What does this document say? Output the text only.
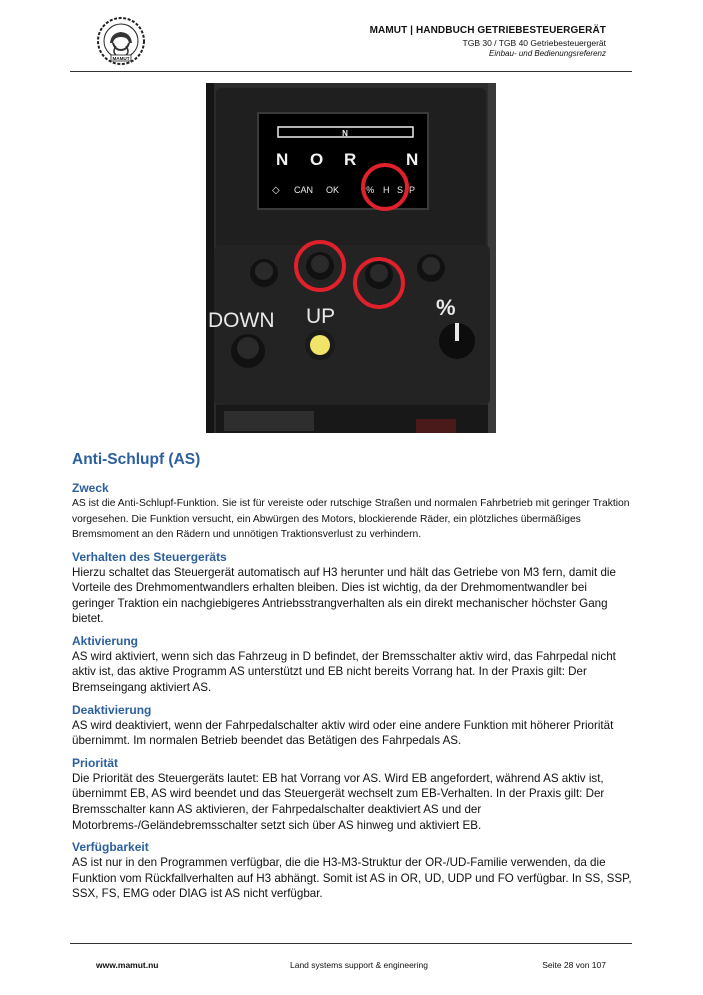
MAMUT
MAMUT | HANDBUCH GETRIEBESTEUERGERÄT
TGB 30 / TGB 40 Getriebesteuergerät
Einbau- und Bedienungsreferenz
N
N O R	N
◇ CAN OK <% H S P
DOWN UP	%
Anti-Schlupf (AS)
Zweck

AS ist die Anti-Schlupf-Funktion. Sie ist für vereiste oder rutschige Straßen und normalen Fahrbetrieb mit geringer Traktion vorgesehen. Die Funktion versucht, ein Abwürgen des Motors, blockierende Räder, ein plötzliches übermäßiges Bremsmoment an den Rädern und unnötigen Traktionsverlust zu verhindern.

Verhalten des Steuergeräts

Hierzu schaltet das Steuergerät automatisch auf H3 herunter und hält das Getriebe von M3 fern, damit die Vorteile des Drehmomentwandlers erhalten bleiben. Dies ist wichtig, da der Drehmomentwandler bei geringer Traktion ein nachgiebigeres Antriebsstrangverhalten als ein direkt mechanischer höchster Gang bietet.

Aktivierung

AS wird aktiviert, wenn sich das Fahrzeug in D befindet, der Bremsschalter aktiv wird, das Fahrpedal nicht aktiv ist, das aktive Programm AS unterstützt und EB nicht bereits Vorrang hat. In der Praxis gilt: Der Bremseingang aktiviert AS.

Deaktivierung

AS wird deaktiviert, wenn der Fahrpedalschalter aktiv wird oder eine andere Funktion mit höherer Priorität übernimmt. Im normalen Betrieb beendet das Betätigen des Fahrpedals AS.

Priorität

Die Priorität des Steuergeräts lautet: EB hat Vorrang vor AS. Wird EB angefordert, während AS aktiv ist, übernimmt EB, AS wird beendet und das Steuergerät wechselt zum EB-Verhalten. In der Praxis gilt: Der Bremsschalter kann AS aktivieren, der Fahrpedalschalter deaktiviert AS und der Motorbrems-/Geländebremsschalter setzt sich über AS hinweg und aktiviert EB.

Verfügbarkeit

AS ist nur in den Programmen verfügbar, die die H3-M3-Struktur der OR-/UD-Familie verwenden, da die Funktion vom Rückfallverhalten auf H3 abhängt. Somit ist AS in OR, UD, UDP und FO verfügbar. In SS, SSP, SSX, FS, EMG oder DIAG ist AS nicht verfügbar.

www.mamut.nu	Land systems support & engineering	Seite 28 von 107
